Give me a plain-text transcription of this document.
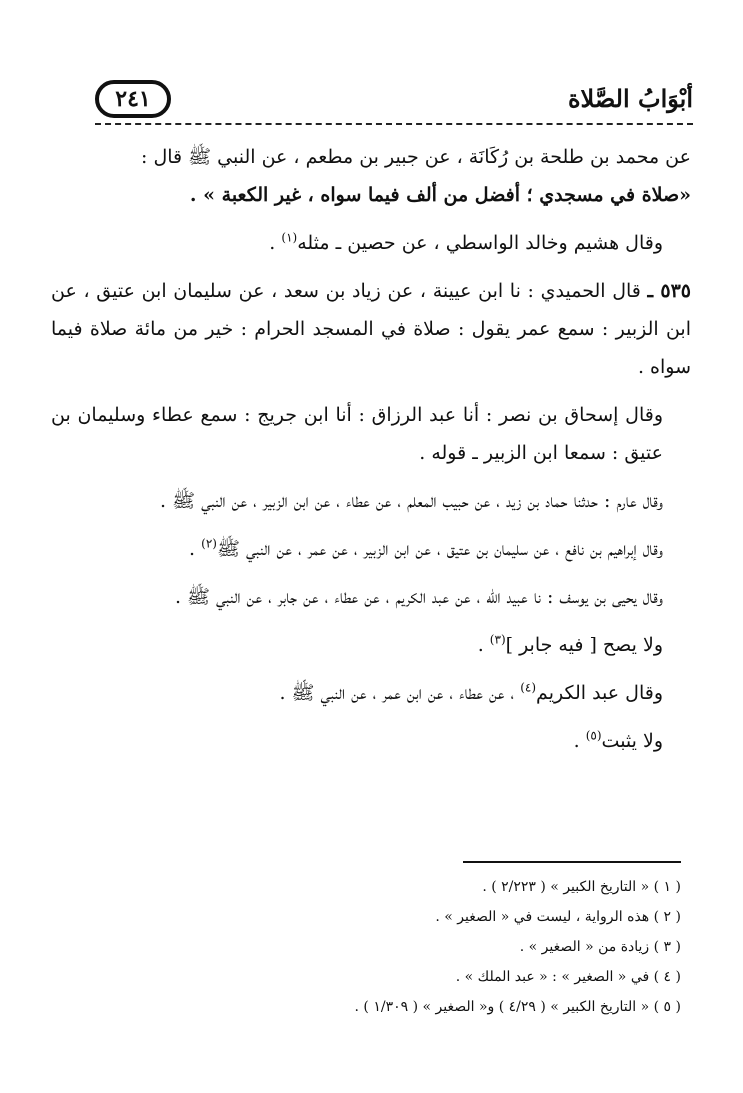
أبْوَابُ الصَّلاة
٢٤١

عن محمد بن طلحة بن رُكَانَة ، عن جبير بن مطعم ، عن النبي ﷺ قال :
«صلاة في مسجدي ؛ أفضل من ألف فيما سواه ، غير الكعبة » .

وقال هشيم وخالد الواسطي ، عن حصين ـ مثله$^{(١)}$ .

٥٣٥ ـ قال الحميدي : نا ابن عيينة ، عن زياد بن سعد ، عن سليمان ابن عتيق ، عن ابن الزبير : سمع عمر يقول : صلاة في المسجد الحرام : خير من مائة صلاة فيما سواه .

وقال إسحاق بن نصر : أنا عبد الرزاق : أنا ابن جريج : سمع عطاء وسليمان بن عتيق : سمعا ابن الزبير ـ قوله .

وقال عارم : حدثنا حماد بن زيد ، عن حبيب المعلم ، عن عطاء ، عن ابن الزبير ، عن النبي ﷺ .

وقال إبراهيم بن نافع ، عن سليمان بن عتيق ، عن ابن الزبير ، عن عمر ، عن النبي ﷺ$^{(٢)}$ .

وقال يحيى بن يوسف : نا عبيد الله ، عن عبد الكريم ، عن عطاء ، عن جابر ، عن النبي ﷺ .

ولا يصح [ فيه جابر ]$^{(٣)}$ .

وقال عبد الكريم$^{(٤)}$ ، عن عطاء ، عن ابن عمر ، عن النبي ﷺ .

ولا يثبت$^{(٥)}$ .

( ١ ) « التاريخ الكبير » ( ٢/٢٢٣ ) .

( ٢ ) هذه الرواية ، ليست في « الصغير » .

( ٣ ) زيادة من « الصغير » .

( ٤ ) في « الصغير » : « عبد الملك » .

( ٥ ) « التاريخ الكبير » ( ٤/٢٩ ) و« الصغير » ( ١/٣٠٩ ) .
